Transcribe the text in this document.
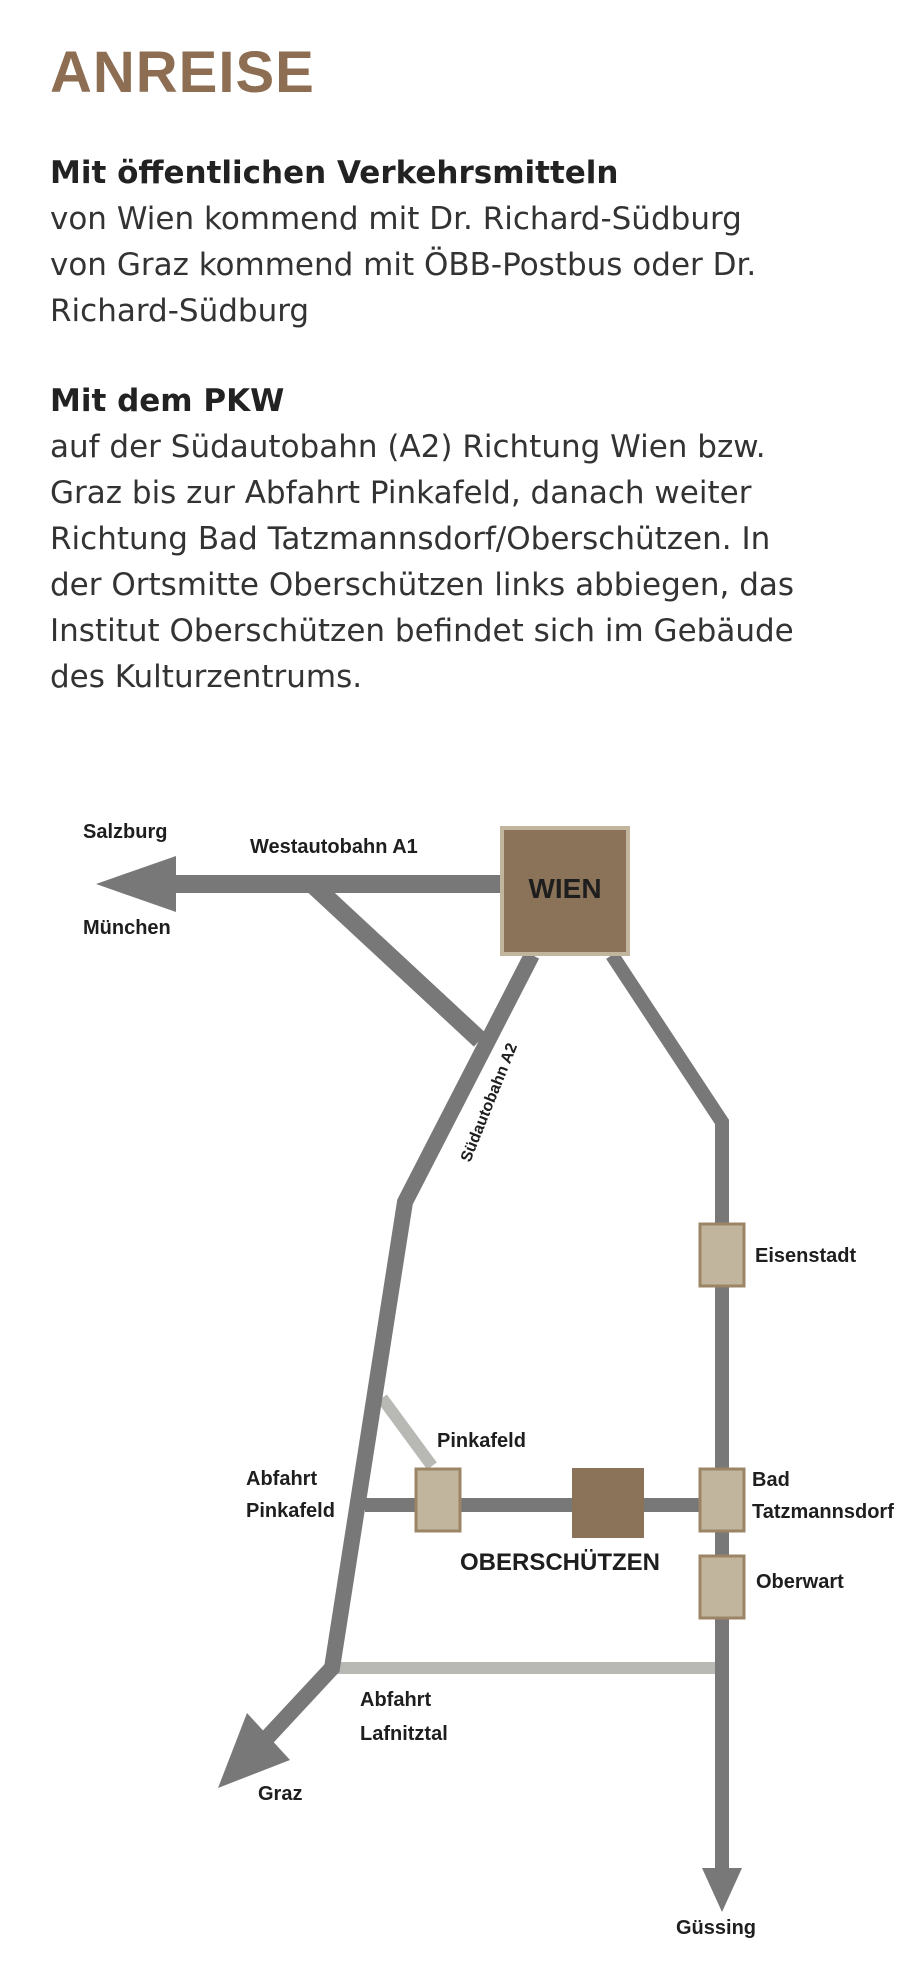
ANREISE
Mit öffentlichen Verkehrsmitteln

von Wien kommend mit Dr. Richard-Südburg
von Graz kommend mit ÖBB-Postbus oder Dr.
Richard-Südburg

Mit dem PKW

auf der Südautobahn (A2) Richtung Wien bzw.
Graz bis zur Abfahrt Pinkafeld, danach weiter
Richtung Bad Tatzmannsdorf/Oberschützen. In
der Ortsmitte Oberschützen links abbiegen, das
Institut Oberschützen befindet sich im Gebäude
des Kulturzentrums.

Salzburg
München
Westautobahn A1
WIEN
Südautobahn A2
Eisenstadt
Pinkafeld
Abfahrt
Pinkafeld
Bad
Tatzmannsdorf
Oberwart
OBERSCHÜTZEN
Abfahrt
Lafnitztal
Graz
Güssing
